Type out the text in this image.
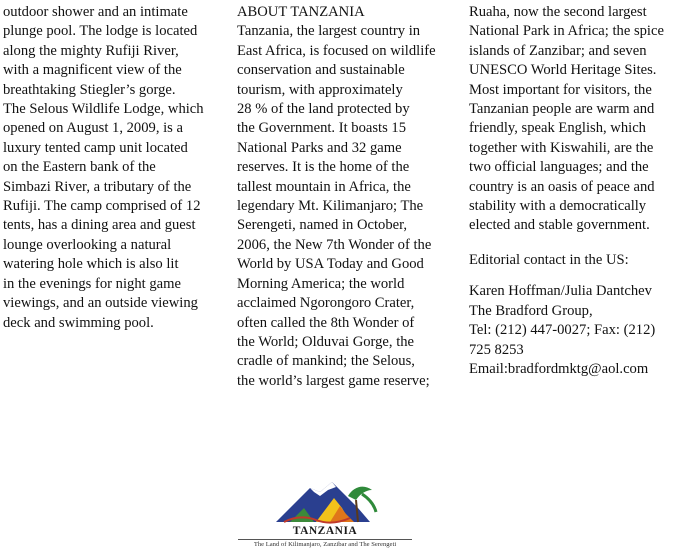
outdoor shower and an intimate
plunge pool. The lodge is located
along the mighty Rufiji River,
with a magnificent view of the
breathtaking Stiegler’s gorge.
The Selous Wildlife Lodge, which
opened on August 1, 2009, is a
luxury tented camp unit located
on the Eastern bank of the
Simbazi River, a tributary of the
Rufiji. The camp comprised of 12
tents, has a dining area and guest
lounge overlooking a natural
watering hole which is also lit
in the evenings for night game
viewings, and an outside viewing
deck and swimming pool.
ABOUT TANZANIA
Tanzania, the largest country in
East Africa, is focused on wildlife
conservation and sustainable
tourism, with approximately
28 % of the land protected by
the Government. It boasts 15
National Parks and 32 game
reserves. It is the home of the
tallest mountain in Africa, the
legendary Mt. Kilimanjaro; The
Serengeti, named in October,
2006, the New 7th Wonder of the
World by USA Today and Good
Morning America; the world
acclaimed Ngorongoro Crater,
often called the 8th Wonder of
the World; Olduvai Gorge, the
cradle of mankind; the Selous,
the world’s largest game reserve;
Ruaha, now the second largest
National Park in Africa; the spice
islands of Zanzibar; and seven
UNESCO World Heritage Sites.
Most important for visitors, the
Tanzanian people are warm and
friendly, speak English, which
together with Kiswahili, are the
two official languages; and the
country is an oasis of peace and
stability with a democratically
elected and stable government.
Editorial contact in the US:
Karen Hoffman/Julia Dantchev
The Bradford Group,
Tel: (212) 447-0027; Fax: (212)
725 8253
Email:bradfordmktg@aol.com
TANZANIA
The Land of Kilimanjaro, Zanzibar and The Serengeti
